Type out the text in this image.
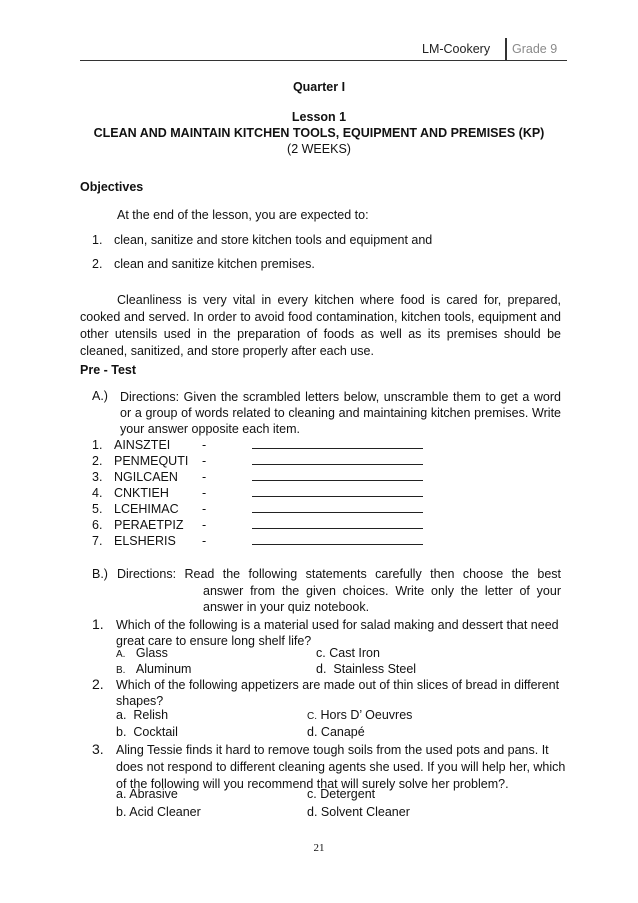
LM-Cookery Grade 9
Quarter I
Lesson 1
CLEAN AND MAINTAIN KITCHEN TOOLS, EQUIPMENT AND PREMISES (KP)
(2 WEEKS)
Objectives
At the end of the lesson, you are expected to:
1. clean, sanitize and store kitchen tools and equipment and
2. clean and sanitize kitchen premises.
Cleanliness is very vital in every kitchen where food is cared for, prepared, cooked and served. In order to avoid food contamination, kitchen tools, equipment and other utensils used in the preparation of foods as well as its premises should be cleaned, sanitized, and store properly after each use.
Pre - Test
A.) Directions: Given the scrambled letters below, unscramble them to get a word or a group of words related to cleaning and maintaining kitchen premises. Write your answer opposite each item.
1. AINSZTEI	-
2. PENMEQUTI -
3. NGILCAEN -
4. CNKTIEH	-
5. LCEHIMAC -
6. PERAETPIZ -
7. ELSHERIS -
B.) Directions: Read the following statements carefully then choose the best
answer from the given choices. Write only the letter of your answer in your quiz notebook.
1. Which of the following is a material used for salad making and dessert that need great care to ensure long shelf life?
A. Glass	c. Cast Iron
B. Aluminum	d. Stainless Steel
2. Which of the following appetizers are made out of thin slices of bread in different shapes?
a. Relish	C. Hors D’ Oeuvres
b. Cocktail	d. Canapé
3. Aling Tessie finds it hard to remove tough soils from the used pots and pans. It does not respond to different cleaning agents she used. If you will help her, which of the following will you recommend that will surely solve her problem?.
a. Abrasive	c. Detergent
b. Acid Cleaner	d. Solvent Cleaner
21
